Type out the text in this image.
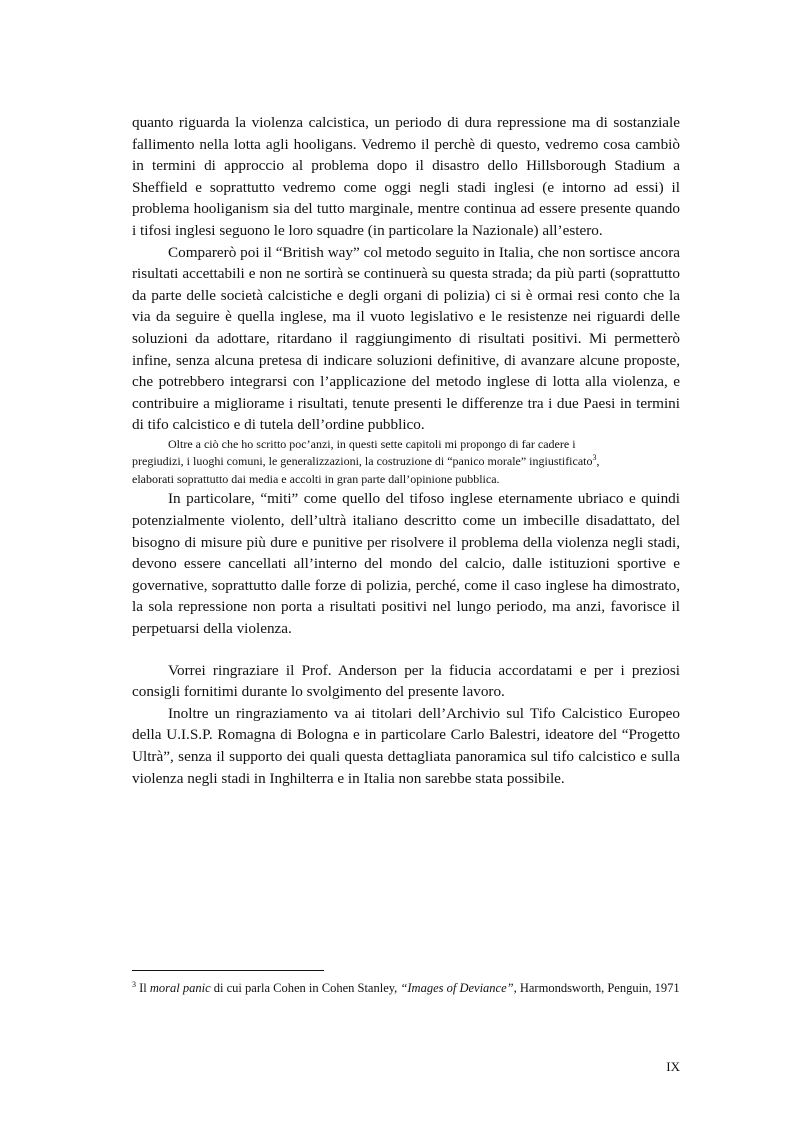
quanto riguarda la violenza calcistica, un periodo di dura repressione ma di sostanziale fallimento nella lotta agli hooligans. Vedremo il perchè di questo, vedremo cosa cambiò in termini di approccio al problema dopo il disastro dello Hillsborough Stadium a Sheffield e soprattutto vedremo come oggi negli stadi inglesi (e intorno ad essi) il problema hooliganism sia del tutto marginale, mentre continua ad essere presente quando i tifosi inglesi seguono le loro squadre (in particolare la Nazionale) all’estero.

Comparerò poi il “British way” col metodo seguito in Italia, che non sortisce ancora risultati accettabili e non ne sortirà se continuerà su questa strada; da più parti (soprattutto da parte delle società calcistiche e degli organi di polizia) ci si è ormai resi conto che la via da seguire è quella inglese, ma il vuoto legislativo e le resistenze nei riguardi delle soluzioni da adottare, ritardano il raggiungimento di risultati positivi. Mi permetterò infine, senza alcuna pretesa di indicare soluzioni definitive, di avanzare alcune proposte, che potrebbero integrarsi con l’applicazione del metodo inglese di lotta alla violenza, e contribuire a migliorame i risultati, tenute presenti le differenze tra i due Paesi in termini di tifo calcistico e di tutela dell’ordine pubblico.

Oltre a ciò che ho scritto poc’anzi, in questi sette capitoli mi propongo di far cadere i
pregiudizi, i luoghi comuni, le generalizzazioni, la costruzione di “panico morale” ingiustificato$^3$,
elaborati soprattutto dai media e accolti in gran parte dall’opinione pubblica.

In particolare, “miti” come quello del tifoso inglese eternamente ubriaco e quindi potenzialmente violento, dell’ultrà italiano descritto come un imbecille disadattato, del bisogno di misure più dure e punitive per risolvere il problema della violenza negli stadi, devono essere cancellati all’interno del mondo del calcio, dalle istituzioni sportive e governative, soprattutto dalle forze di polizia, perché, come il caso inglese ha dimostrato, la sola repressione non porta a risultati positivi nel lungo periodo, ma anzi, favorisce il perpetuarsi della violenza.

Vorrei ringraziare il Prof. Anderson per la fiducia accordatami e per i preziosi consigli fornitimi durante lo svolgimento del presente lavoro.

Inoltre un ringraziamento va ai titolari dell’Archivio sul Tifo Calcistico Europeo della U.I.S.P. Romagna di Bologna e in particolare Carlo Balestri, ideatore del “Progetto Ultrà”, senza il supporto dei quali questa dettagliata panoramica sul tifo calcistico e sulla violenza negli stadi in Inghilterra e in Italia non sarebbe stata possibile.

$^3$ Il moral panic di cui parla Cohen in Cohen Stanley, “Images of Deviance”, Harmondsworth, Penguin, 1971

IX
